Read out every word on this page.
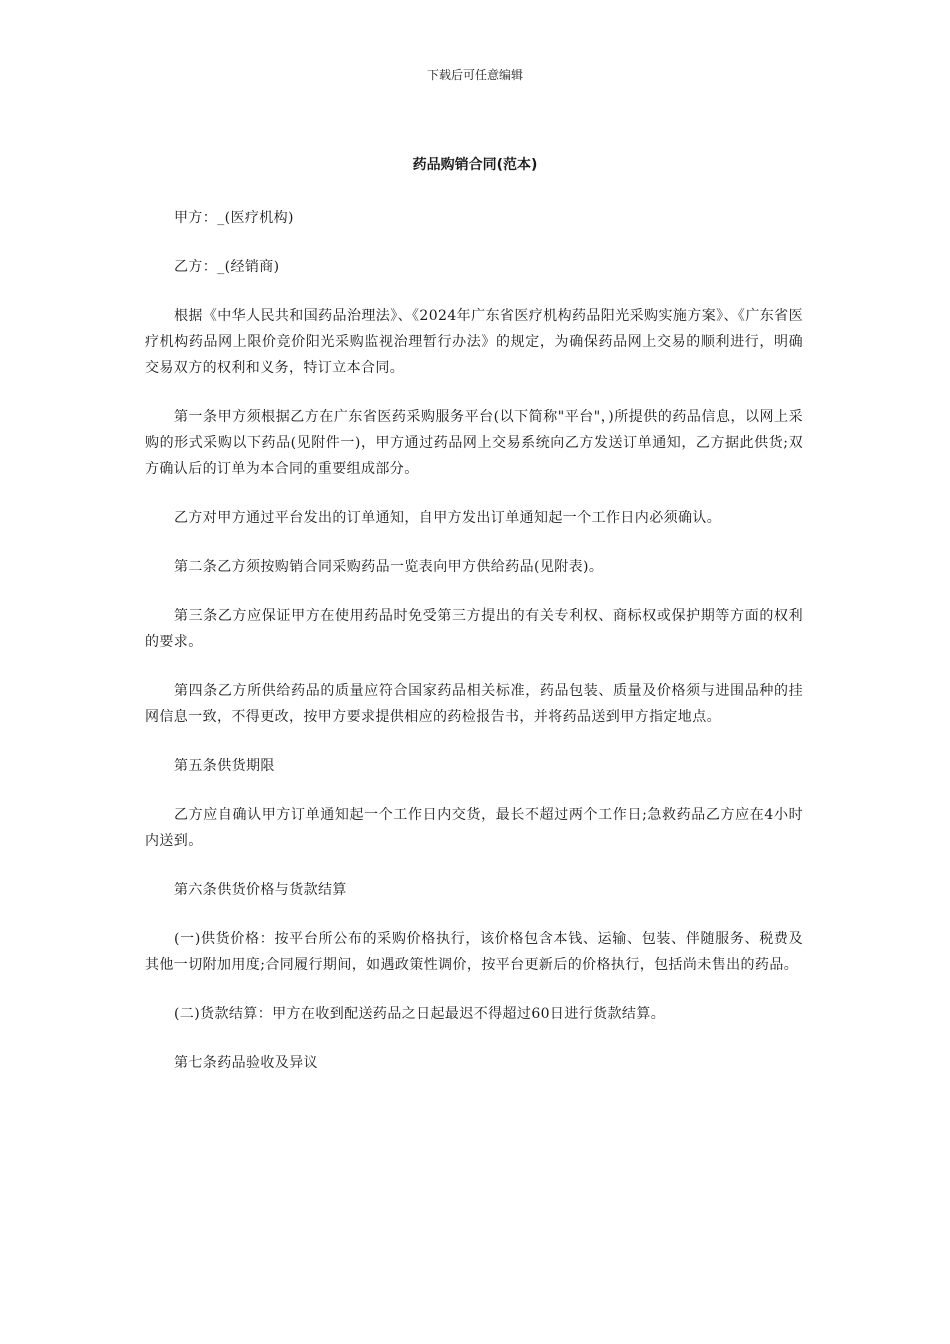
下载后可任意编辑
药品购销合同(范本)

甲方：_(医疗机构)

乙方：_(经销商)

根据《中华人民共和国药品治理法》、《2024年广东省医疗机构药品阳光采购实施方案》、《广东省医疗机构药品网上限价竞价阳光采购监视治理暂行办法》的规定，为确保药品网上交易的顺利进行，明确交易双方的权利和义务，特订立本合同。

第一条甲方须根据乙方在广东省医药采购服务平台(以下简称"平台"，)所提供的药品信息，以网上采购的形式采购以下药品(见附件一)，甲方通过药品网上交易系统向乙方发送订单通知，乙方据此供货;双方确认后的订单为本合同的重要组成部分。

乙方对甲方通过平台发出的订单通知，自甲方发出订单通知起一个工作日内必须确认。

第二条乙方须按购销合同采购药品一览表向甲方供给药品(见附表)。

第三条乙方应保证甲方在使用药品时免受第三方提出的有关专利权、商标权或保护期等方面的权利的要求。

第四条乙方所供给药品的质量应符合国家药品相关标准，药品包装、质量及价格须与进围品种的挂网信息一致，不得更改，按甲方要求提供相应的药检报告书，并将药品送到甲方指定地点。

第五条供货期限

乙方应自确认甲方订单通知起一个工作日内交货，最长不超过两个工作日;急救药品乙方应在4小时内送到。

第六条供货价格与货款结算

(一)供货价格：按平台所公布的采购价格执行，该价格包含本钱、运输、包装、伴随服务、税费及其他一切附加用度;合同履行期间，如遇政策性调价，按平台更新后的价格执行，包括尚未售出的药品。

(二)货款结算：甲方在收到配送药品之日起最迟不得超过60日进行货款结算。

第七条药品验收及异议
